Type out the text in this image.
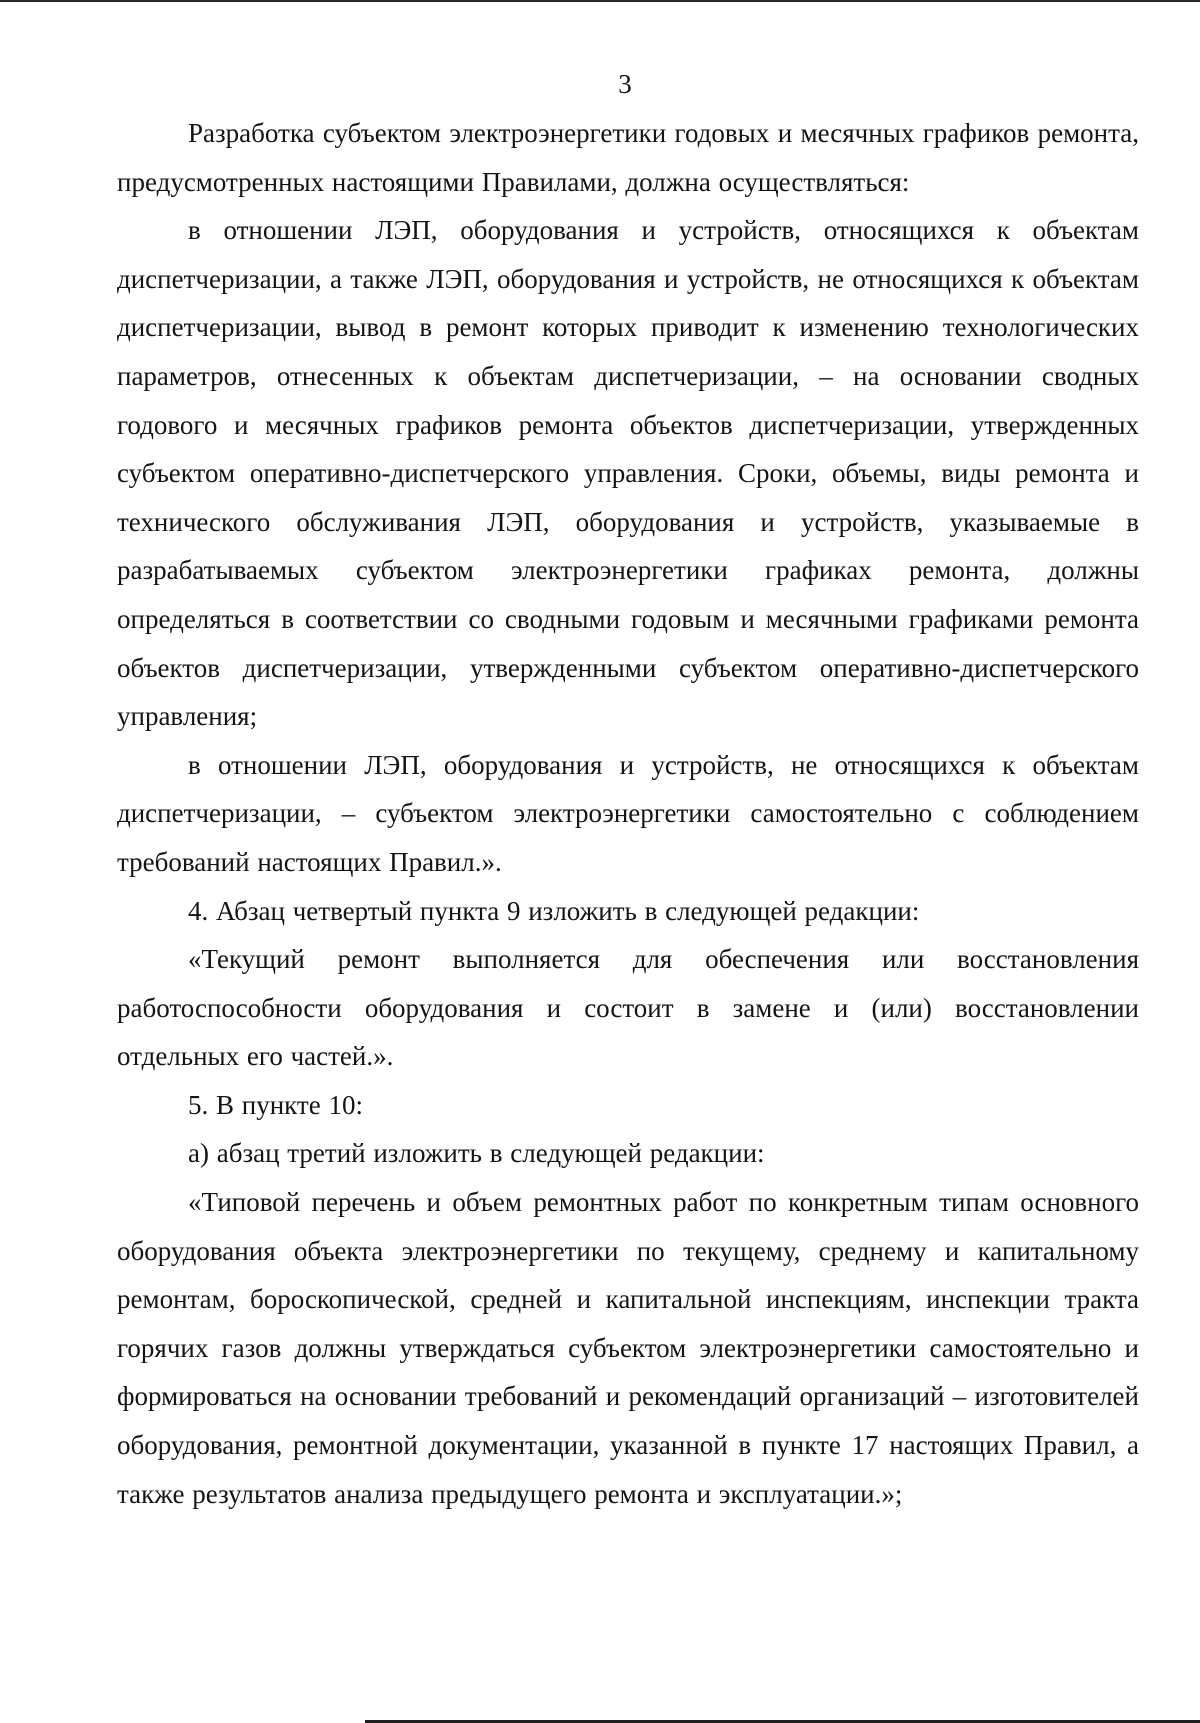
3

Разработка субъектом электроэнергетики годовых и месячных графиков ремонта, предусмотренных настоящими Правилами, должна осуществляться:

в отношении ЛЭП, оборудования и устройств, относящихся к объектам диспетчеризации, а также ЛЭП, оборудования и устройств, не относящихся к объектам диспетчеризации, вывод в ремонт которых приводит к изменению технологических параметров, отнесенных к объектам диспетчеризации, – на основании сводных годового и месячных графиков ремонта объектов диспетчеризации, утвержденных субъектом оперативно-диспетчерского управления. Сроки, объемы, виды ремонта и технического обслуживания ЛЭП, оборудования и устройств, указываемые в разрабатываемых субъектом электроэнергетики графиках ремонта, должны определяться в соответствии со сводными годовым и месячными графиками ремонта объектов диспетчеризации, утвержденными субъектом оперативно-диспетчерского управления;

в отношении ЛЭП, оборудования и устройств, не относящихся к объектам диспетчеризации, – субъектом электроэнергетики самостоятельно с соблюдением требований настоящих Правил.».

4. Абзац четвертый пункта 9 изложить в следующей редакции:

«Текущий ремонт выполняется для обеспечения или восстановления работоспособности оборудования и состоит в замене и (или) восстановлении отдельных его частей.».

5. В пункте 10:

а) абзац третий изложить в следующей редакции:

«Типовой перечень и объем ремонтных работ по конкретным типам основного оборудования объекта электроэнергетики по текущему, среднему и капитальному ремонтам, бороскопической, средней и капитальной инспекциям, инспекции тракта горячих газов должны утверждаться субъектом электроэнергетики самостоятельно и формироваться на основании требований и рекомендаций организаций – изготовителей оборудования, ремонтной документации, указанной в пункте 17 настоящих Правил, а также результатов анализа предыдущего ремонта и эксплуатации.»;
